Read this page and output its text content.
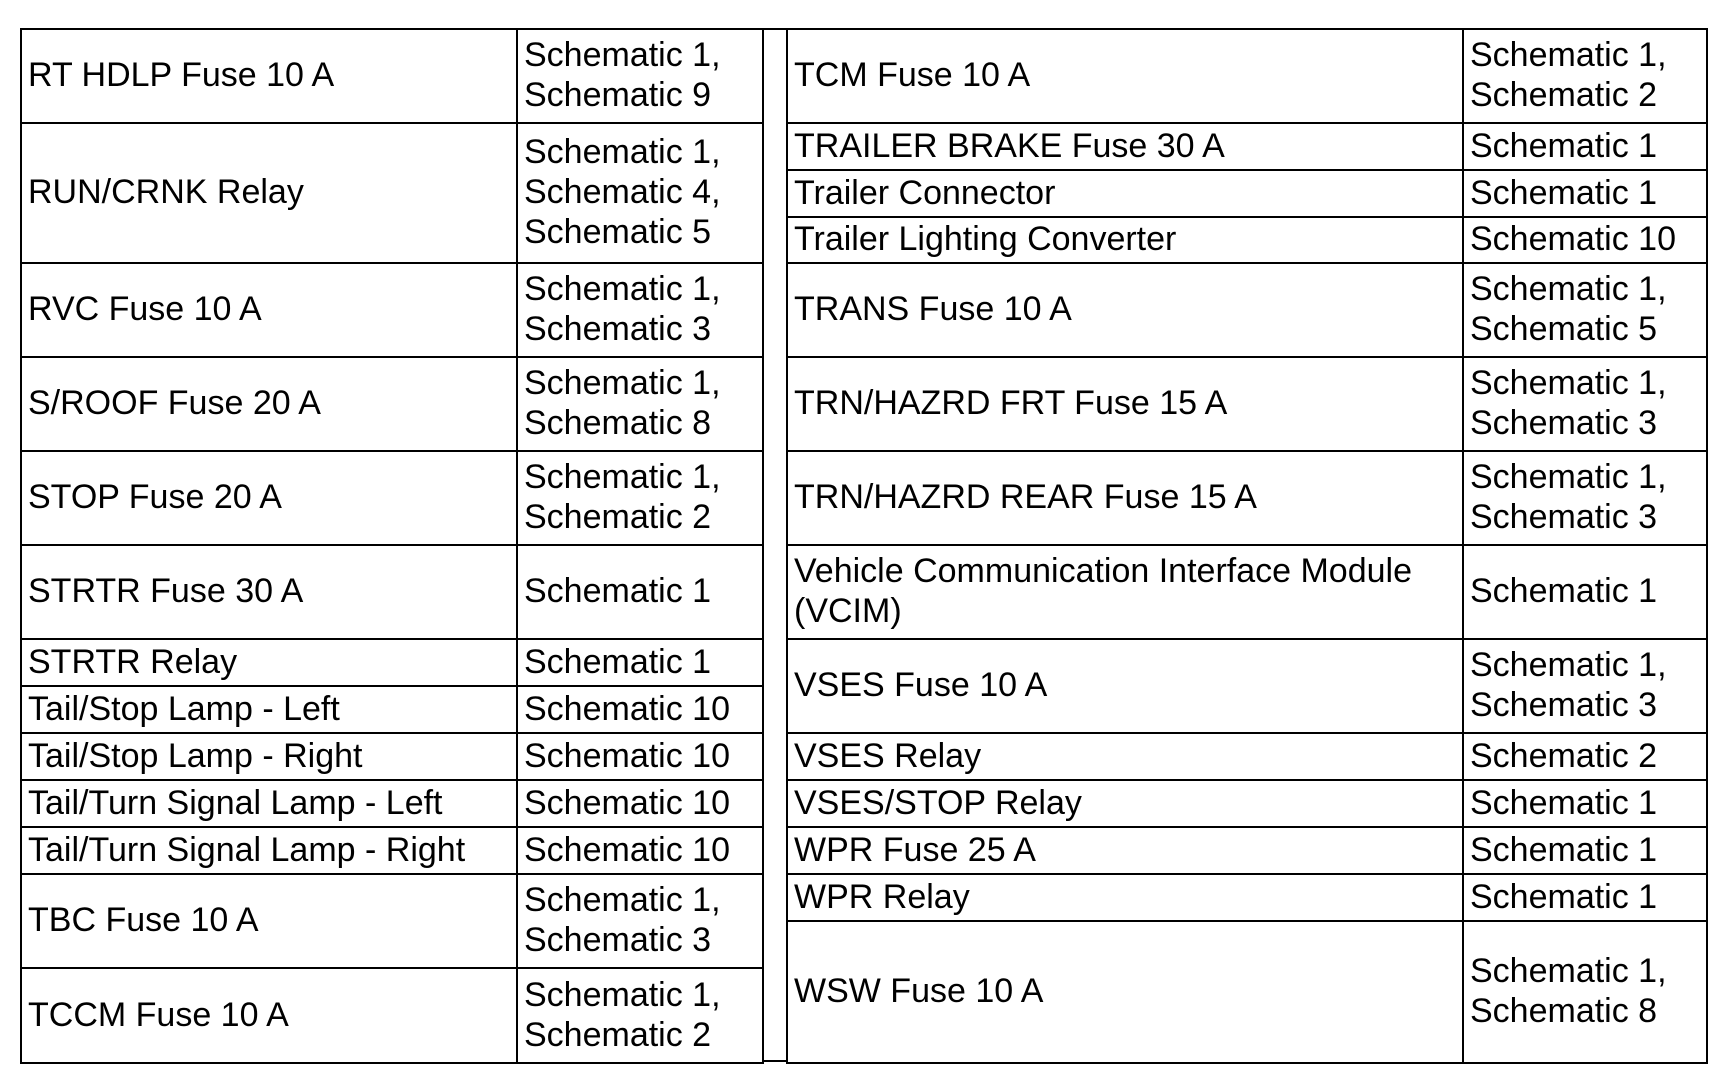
RT HDLP Fuse 10 A	Schematic 1,
Schematic 9

RUN/CRNK Relay	Schematic 1,
Schematic 4,
Schematic 5

RVC Fuse 10 A	Schematic 1,
Schematic 3

S/ROOF Fuse 20 A	Schematic 1,
Schematic 8

STOP Fuse 20 A	Schematic 1,
Schematic 2

STRTR Fuse 30 A	Schematic 1

STRTR Relay	Schematic 1

Tail/Stop Lamp - Left	Schematic 10

Tail/Stop Lamp - Right	Schematic 10

Tail/Turn Signal Lamp - Left	Schematic 10

Tail/Turn Signal Lamp - Right	Schematic 10

TBC Fuse 10 A	Schematic 1,
Schematic 3

TCCM Fuse 10 A	Schematic 1,
Schematic 2
TCM Fuse 10 A	Schematic 1,
Schematic 2

TRAILER BRAKE Fuse 30 A	Schematic 1

Trailer Connector	Schematic 1

Trailer Lighting Converter	Schematic 10

TRANS Fuse 10 A	Schematic 1,
Schematic 5

TRN/HAZRD FRT Fuse 15 A	Schematic 1,
Schematic 3

TRN/HAZRD REAR Fuse 15 A	Schematic 1,
Schematic 3

Vehicle Communication Interface Module (VCIM)	Schematic 1

VSES Fuse 10 A	Schematic 1,
Schematic 3

VSES Relay	Schematic 2

VSES/STOP Relay	Schematic 1

WPR Fuse 25 A	Schematic 1

WPR Relay	Schematic 1

WSW Fuse 10 A	Schematic 1,
Schematic 8
